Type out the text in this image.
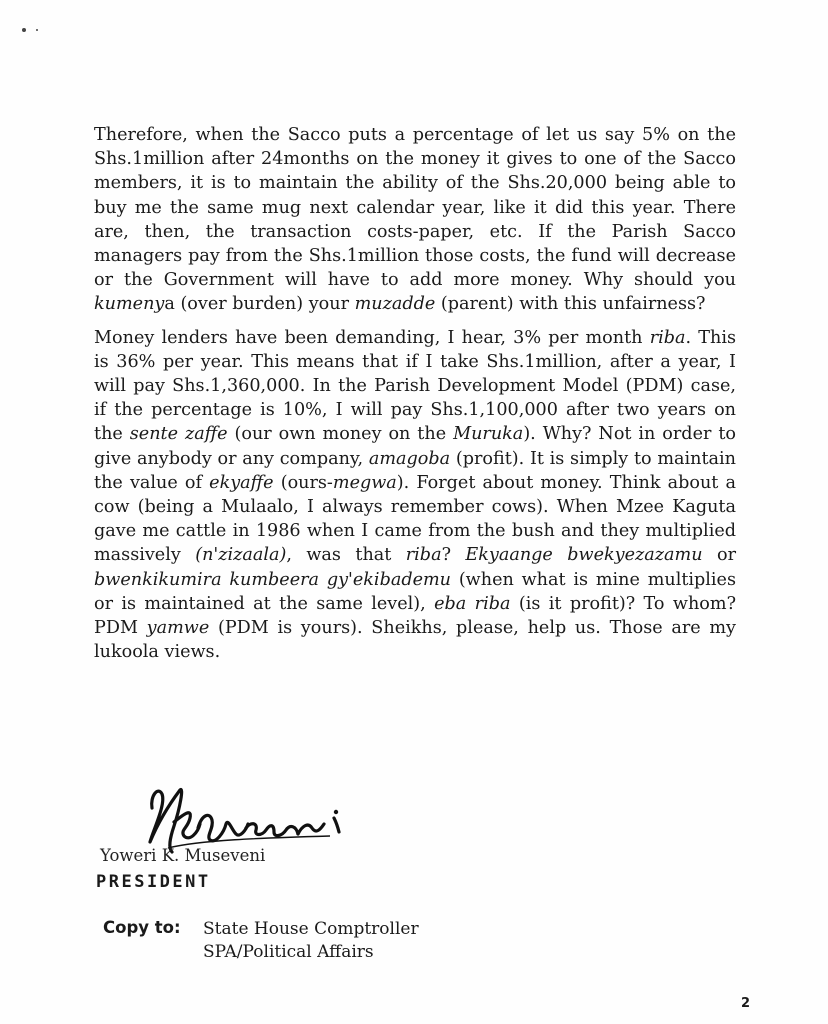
Therefore, when the Sacco puts a percentage of let us say 5% on the Shs.1million after 24months on the money it gives to one of the Sacco members, it is to maintain the ability of the Shs.20,000 being able to buy me the same mug next calendar year, like it did this year. There are, then, the transaction costs-paper, etc. If the Parish Sacco managers pay from the Shs.1million those costs, the fund will decrease or the Government will have to add more money. Why should you kumenya (over burden) your muzadde (parent) with this unfairness?

Money lenders have been demanding, I hear, 3% per month riba. This is 36% per year. This means that if I take Shs.1million, after a year, I will pay Shs.1,360,000. In the Parish Development Model (PDM) case, if the percentage is 10%, I will pay Shs.1,100,000 after two years on the sente zaffe (our own money on the Muruka). Why? Not in order to give anybody or any company, amagoba (profit). It is simply to maintain the value of ekyaffe (ours-megwa). Forget about money. Think about a cow (being a Mulaalo, I always remember cows). When Mzee Kaguta gave me cattle in 1986 when I came from the bush and they multiplied massively (n'zizaala), was that riba? Ekyaange bwekyezazamu or bwenkikumira kumbeera gy'ekibademu (when what is mine multiplies or is maintained at the same level), eba riba (is it profit)? To whom? PDM yamwe (PDM is yours). Sheikhs, please, help us. Those are my lukoola views.

Yoweri K. Museveni
PRESIDENT
Copy to: State House Comptroller
SPA/Political Affairs
2
